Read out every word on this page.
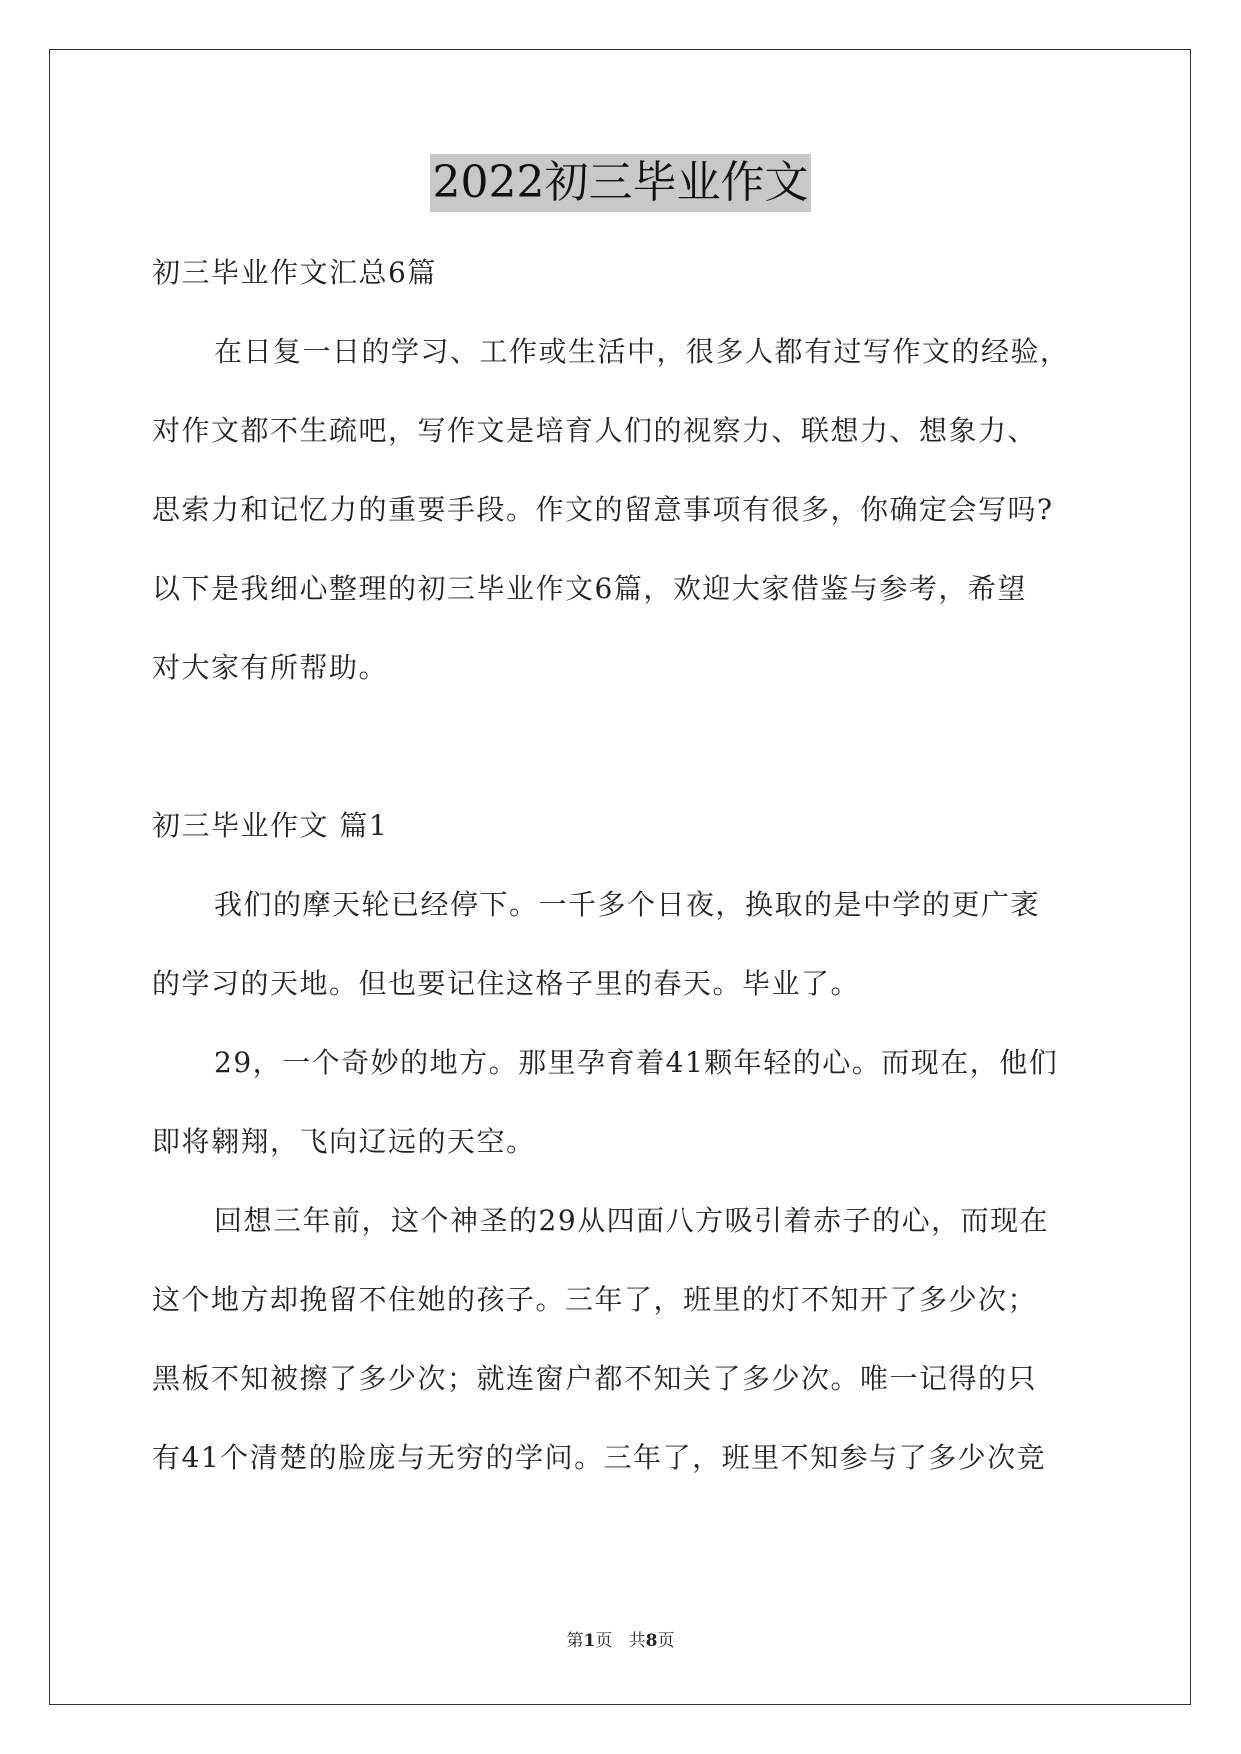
2022初三毕业作文
初三毕业作文汇总6篇
在日复一日的学习、工作或生活中，很多人都有过写作文的经验，
对作文都不生疏吧，写作文是培育人们的视察力、联想力、想象力、
思索力和记忆力的重要手段。作文的留意事项有很多，你确定会写吗?
以下是我细心整理的初三毕业作文6篇，欢迎大家借鉴与参考，希望
对大家有所帮助。
初三毕业作文 篇1
我们的摩天轮已经停下。一千多个日夜，换取的是中学的更广袤
的学习的天地。但也要记住这格子里的春天。毕业了。
29，一个奇妙的地方。那里孕育着41颗年轻的心。而现在，他们
即将翱翔，飞向辽远的天空。
回想三年前，这个神圣的29从四面八方吸引着赤子的心，而现在
这个地方却挽留不住她的孩子。三年了，班里的灯不知开了多少次；
黑板不知被擦了多少次；就连窗户都不知关了多少次。唯一记得的只
有41个清楚的脸庞与无穷的学问。三年了，班里不知参与了多少次竞
第1页   共8页
